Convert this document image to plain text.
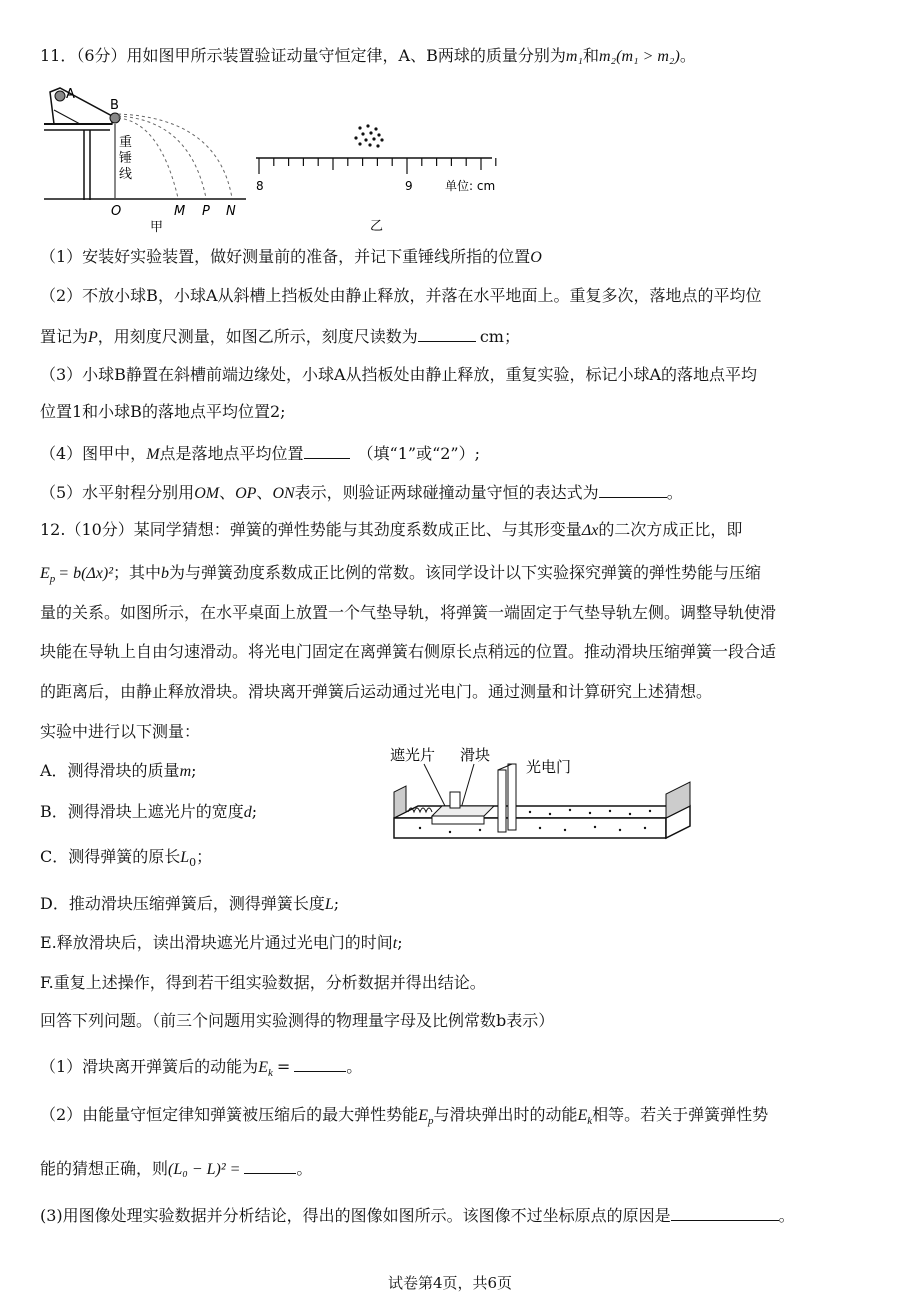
11．（6分）用如图甲所示装置验证动量守恒定律，A、B两球的质量分别为m₁和m₂(m₁ > m₂)。
A
B
重
锤
线
O	M P N
甲
8	9	单位: cm
乙
（1）安装好实验装置，做好测量前的准备，并记下重锤线所指的位置O
（2）不放小球B，小球A从斜槽上挡板处由静止释放，并落在水平地面上。重复多次，落地点的平均位
置记为P，用刻度尺测量，如图乙所示，刻度尺读数为	cm；
（3）小球B静置在斜槽前端边缘处，小球A从挡板处由静止释放，重复实验，标记小球A的落地点平均
位置1和小球B的落地点平均位置2;
（4）图甲中，M点是落地点平均位置	（填“1”或“2”）;
（5）水平射程分别用OM、OP、ON表示，则验证两球碰撞动量守恒的表达式为	。
12.（10分）某同学猜想：弹簧的弹性势能与其劲度系数成正比、与其形变量Δx的二次方成正比，即
$E_p = b(\Delta x)^2$；其中b为与弹簧劲度系数成正比例的常数。该同学设计以下实验探究弹簧的弹性势能与压缩
量的关系。如图所示，在水平桌面上放置一个气垫导轨，将弹簧一端固定于气垫导轨左侧。调整导轨使滑
块能在导轨上自由匀速滑动。将光电门固定在离弹簧右侧原长点稍远的位置。推动滑块压缩弹簧一段合适
的距离后，由静止释放滑块。滑块离开弹簧后运动通过光电门。通过测量和计算研究上述猜想。
实验中进行以下测量：
遮光片 滑块
光电门
A．测得滑块的质量m;
B．测得滑块上遮光片的宽度d;
C．测得弹簧的原长$L_0$；
D．推动滑块压缩弹簧后，测得弹簧长度L;
E.释放滑块后，读出滑块遮光片通过光电门的时间t;
F.重复上述操作，得到若干组实验数据，分析数据并得出结论。
回答下列问题。（前三个问题用实验测得的物理量字母及比例常数b表示）
（1）滑块离开弹簧后的动能为$E_k$ =	。
（2）由能量守恒定律知弹簧被压缩后的最大弹性势能$E_p$与滑块弹出时的动能$E_k$相等。若关于弹簧弹性势
能的猜想正确，则(L₀ − L)² =	。
(3)用图像处理实验数据并分析结论，得出的图像如图所示。该图像不过坐标原点的原因是	。
试卷第4页，共6页
